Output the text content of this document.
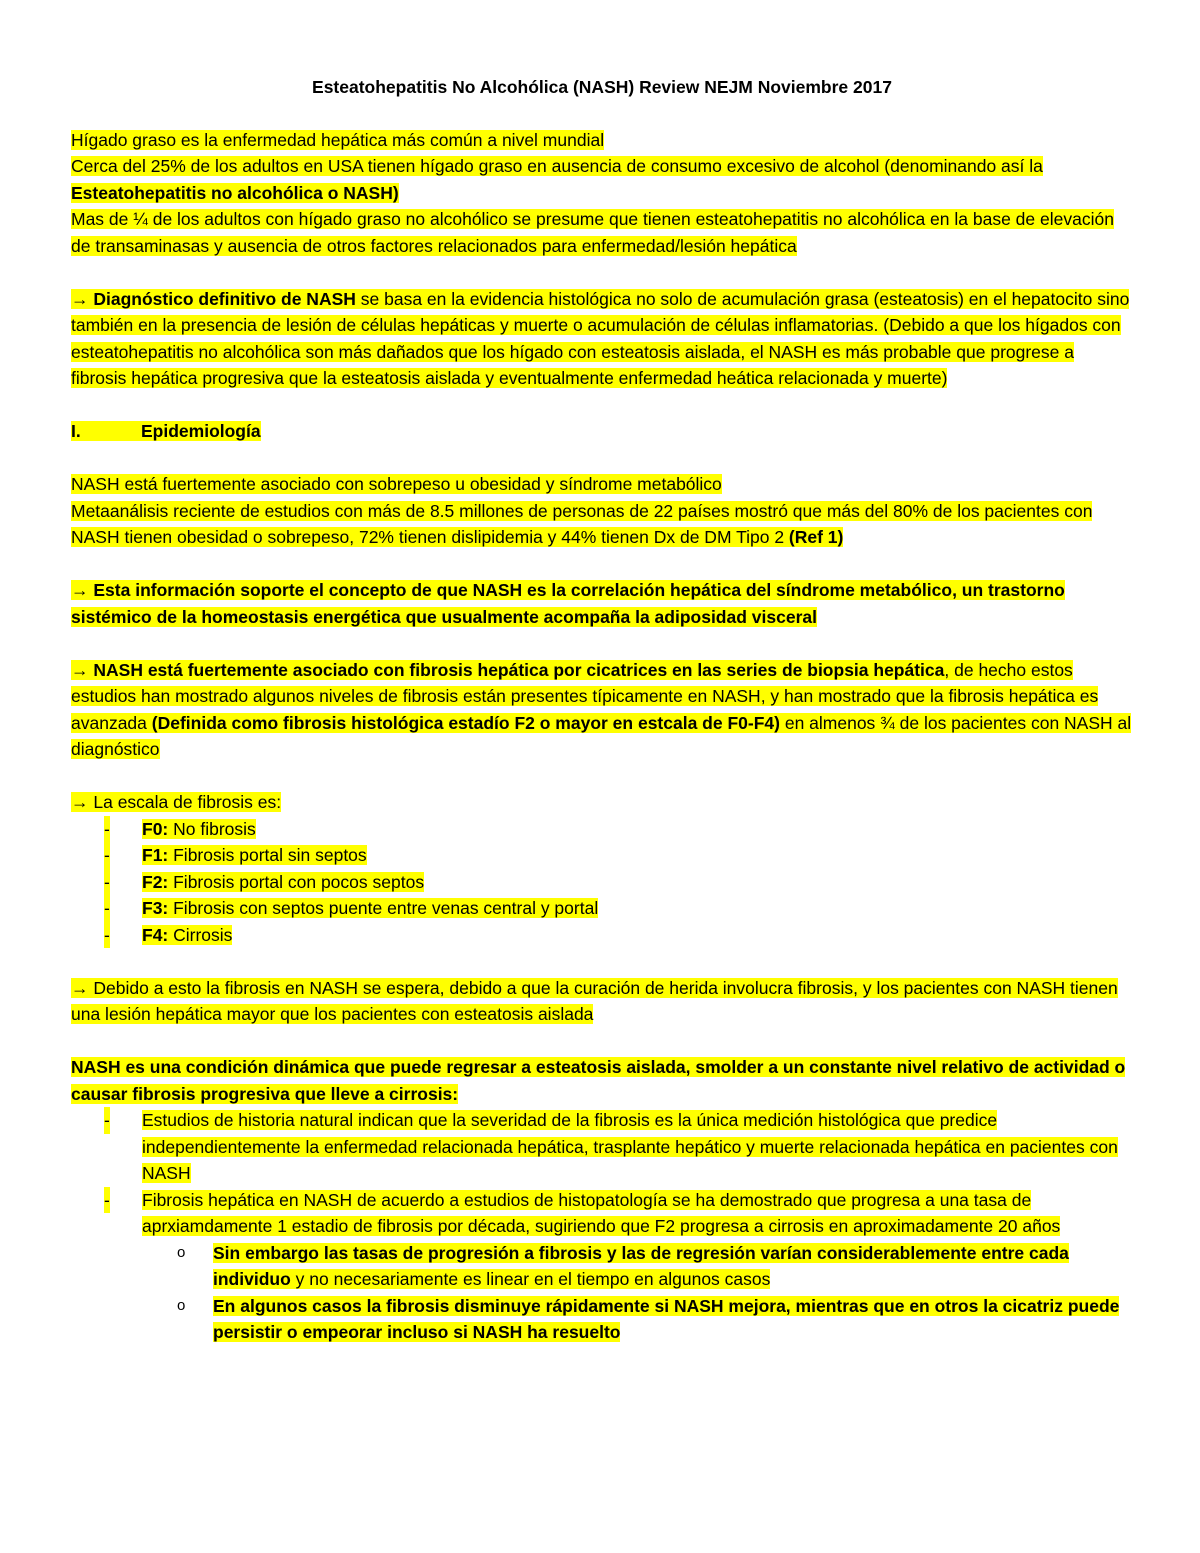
Esteatohepatitis No Alcohólica (NASH) Review NEJM Noviembre 2017
Hígado graso es la enfermedad hepática más común a nivel mundial
Cerca del 25% de los adultos en USA tienen hígado graso en ausencia de consumo excesivo de alcohol (denominando así la Esteatohepatitis no alcohólica o NASH)
Mas de ¼ de los adultos con hígado graso no alcohólico se presume que tienen esteatohepatitis no alcohólica en la base de elevación de transaminasas y ausencia de otros factores relacionados para enfermedad/lesión hepática
→ Diagnóstico definitivo de NASH se basa en la evidencia histológica no solo de acumulación grasa (esteatosis) en el hepatocito sino también en la presencia de lesión de células hepáticas y muerte o acumulación de células inflamatorias. (Debido a que los hígados con esteatohepatitis no alcohólica son más dañados que los hígado con esteatosis aislada, el NASH es más probable que progrese a fibrosis hepática progresiva que la esteatosis aislada y eventualmente enfermedad heática relacionada y muerte)
I.	Epidemiología
NASH está fuertemente asociado con sobrepeso u obesidad y síndrome metabólico
Metaanálisis reciente de estudios con más de 8.5 millones de personas de 22 países mostró que más del 80% de los pacientes con NASH tienen obesidad o sobrepeso, 72% tienen dislipidemia y 44% tienen Dx de DM Tipo 2 (Ref 1)
→ Esta información soporte el concepto de que NASH es la correlación hepática del síndrome metabólico, un trastorno sistémico de la homeostasis energética que usualmente acompaña la adiposidad visceral
→ NASH está fuertemente asociado con fibrosis hepática por cicatrices en las series de biopsia hepática, de hecho estos estudios han mostrado algunos niveles de fibrosis están presentes típicamente en NASH, y han mostrado que la fibrosis hepática es avanzada (Definida como fibrosis histológica estadío F2 o mayor en estcala de F0-F4) en almenos ¾ de los pacientes con NASH al diagnóstico
→ La escala de fibrosis es:
- F0: No fibrosis
- F1: Fibrosis portal sin septos
- F2: Fibrosis portal con pocos septos
- F3: Fibrosis con septos puente entre venas central y portal
- F4: Cirrosis
→ Debido a esto la fibrosis en NASH se espera, debido a que la curación de herida involucra fibrosis, y los pacientes con NASH tienen una lesión hepática mayor que los pacientes con esteatosis aislada
NASH es una condición dinámica que puede regresar a esteatosis aislada, smolder a un constante nivel relativo de actividad o causar fibrosis progresiva que lleve a cirrosis:
- Estudios de historia natural indican que la severidad de la fibrosis es la única medición histológica que predice independientemente la enfermedad relacionada hepática, trasplante hepático y muerte relacionada hepática en pacientes con NASH
- Fibrosis hepática en NASH de acuerdo a estudios de histopatología se ha demostrado que progresa a una tasa de aprxiamdamente 1 estadio de fibrosis por década, sugiriendo que F2 progresa a cirrosis en aproximadamente 20 años
o Sin embargo las tasas de progresión a fibrosis y las de regresión varían considerablemente entre cada individuo y no necesariamente es linear en el tiempo en algunos casos
o En algunos casos la fibrosis disminuye rápidamente si NASH mejora, mientras que en otros la cicatriz puede persistir o empeorar incluso si NASH ha resuelto
